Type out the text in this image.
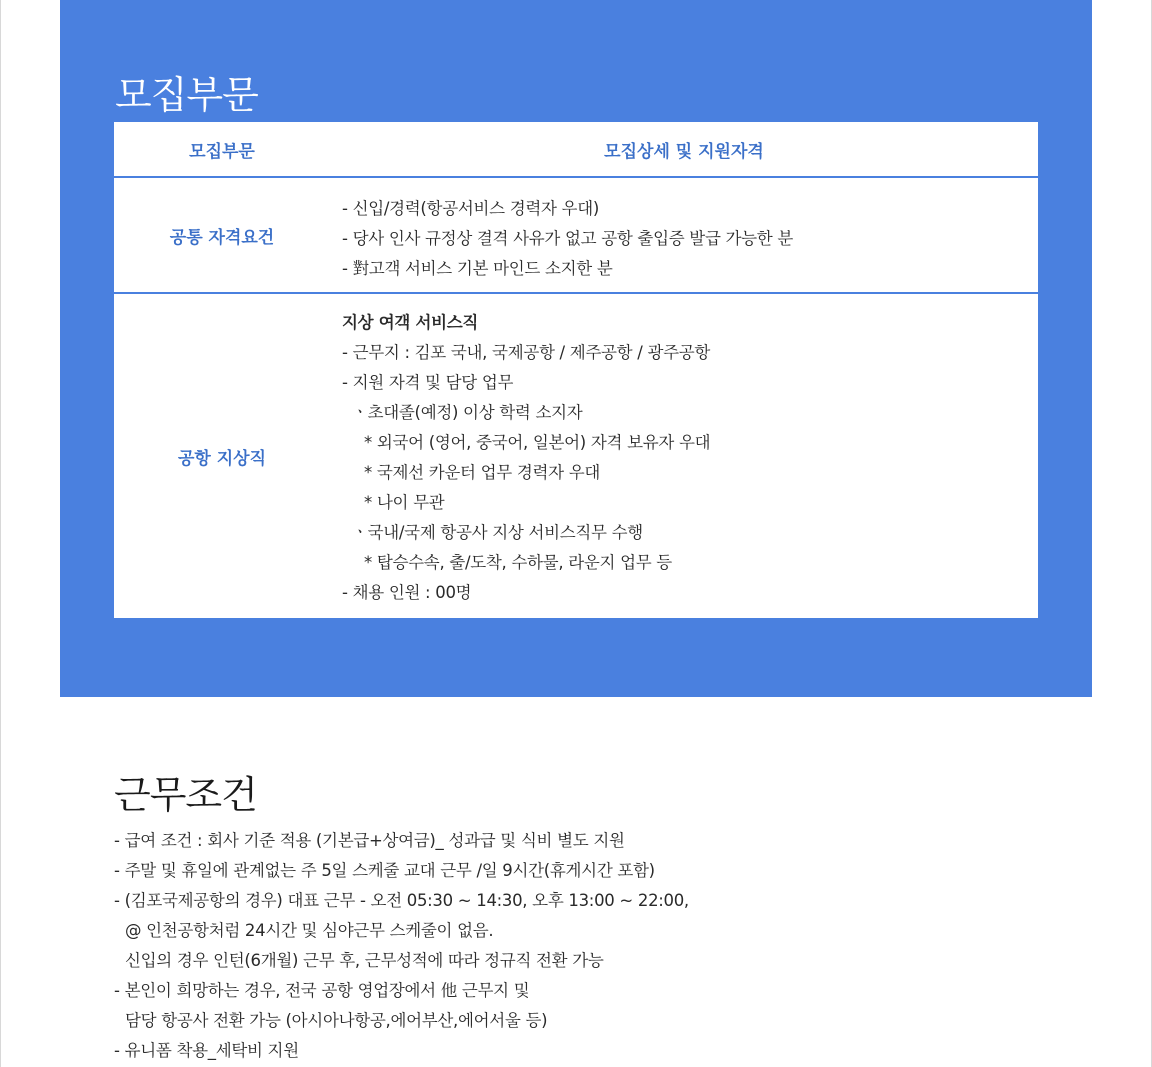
모집부문
모집부문	모집상세 및 지원자격
공통 자격요건
- 신입/경력(항공서비스 경력자 우대)
- 당사 인사 규정상 결격 사유가 없고 공항 출입증 발급 가능한 분
- 對고객 서비스 기본 마인드 소지한 분
공항 지상직
지상 여객 서비스직
- 근무지 : 김포 국내, 국제공항 / 제주공항 / 광주공항
- 지원 자격 및 담당 업무
ㆍ초대졸(예정) 이상 학력 소지자
* 외국어 (영어, 중국어, 일본어) 자격 보유자 우대
* 국제선 카운터 업무 경력자 우대
* 나이 무관
ㆍ국내/국제 항공사 지상 서비스직무 수행
* 탑승수속, 출/도착, 수하물, 라운지 업무 등
- 채용 인원 : 00명
근무조건
- 급여 조건 : 회사 기준 적용 (기본급+상여금)_ 성과급 및 식비 별도 지원
- 주말 및 휴일에 관계없는 주 5일 스케줄 교대 근무 /일 9시간(휴게시간 포함)
- (김포국제공항의 경우) 대표 근무 - 오전 05:30 ~ 14:30, 오후 13:00 ~ 22:00,
@ 인천공항처럼 24시간 및 심야근무 스케줄이 없음.
신입의 경우 인턴(6개월) 근무 후, 근무성적에 따라 정규직 전환 가능
- 본인이 희망하는 경우, 전국 공항 영업장에서 他 근무지 및
담당 항공사 전환 가능 (아시아나항공,에어부산,에어서울 등)
- 유니폼 착용_세탁비 지원
